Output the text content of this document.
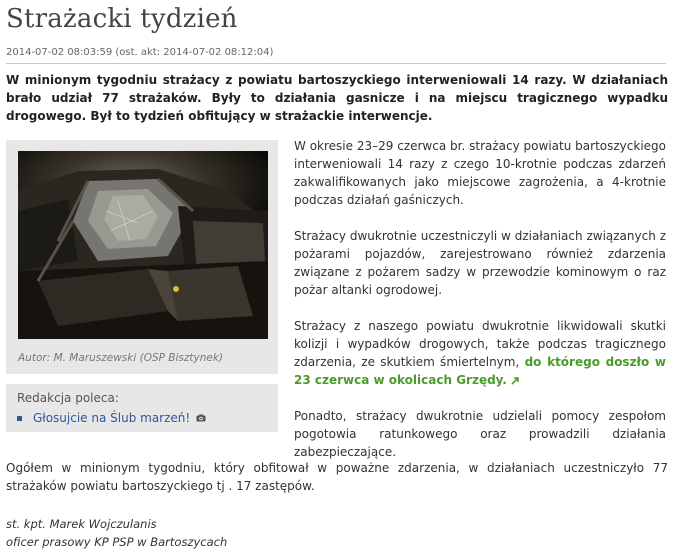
Strażacki tydzień
2014-07-02 08:03:59 (ost. akt: 2014-07-02 08:12:04)
W minionym tygodniu strażacy z powiatu bartoszyckiego interweniowali 14 razy. W działaniach brało udział 77 strażaków. Były to działania gasnicze i na miejscu tragicznego wypadku drogowego. Był to tydzień obfitujący w strażackie interwencje.
Autor: M. Maruszewski (OSP Bisztynek)
Redakcja poleca:
Głosujcie na Ślub marzeń!

W okresie 23–29 czerwca br. strażacy powiatu bartoszyckiego interweniowali 14 razy z czego 10-krotnie podczas zdarzeń zakwalifikowanych jako miejscowe zagrożenia, a 4-krotnie podczas działań gaśniczych.

Strażacy dwukrotnie uczestniczyli w działaniach związanych z pożarami pojazdów, zarejestrowano również zdarzenia związane z pożarem sadzy w przewodzie kominowym o raz pożar altanki ogrodowej.

Strażacy z naszego powiatu dwukrotnie likwidowali skutki kolizji i wypadków drogowych, także podczas tragicznego zdarzenia, ze skutkiem śmiertelnym, do którego doszło w 23 czerwca w okolicach Grzędy.

Ponadto, strażacy dwukrotnie udzielali pomocy zespołom pogotowia ratunkowego oraz prowadzili działania zabezpieczające.

Ogółem w minionym tygodniu, który obfitował w poważne zdarzenia, w działaniach uczestniczyło 77 strażaków powiatu bartoszyckiego tj . 17 zastępów.
st. kpt. Marek Wojczulanis
oficer prasowy KP PSP w Bartoszycach
